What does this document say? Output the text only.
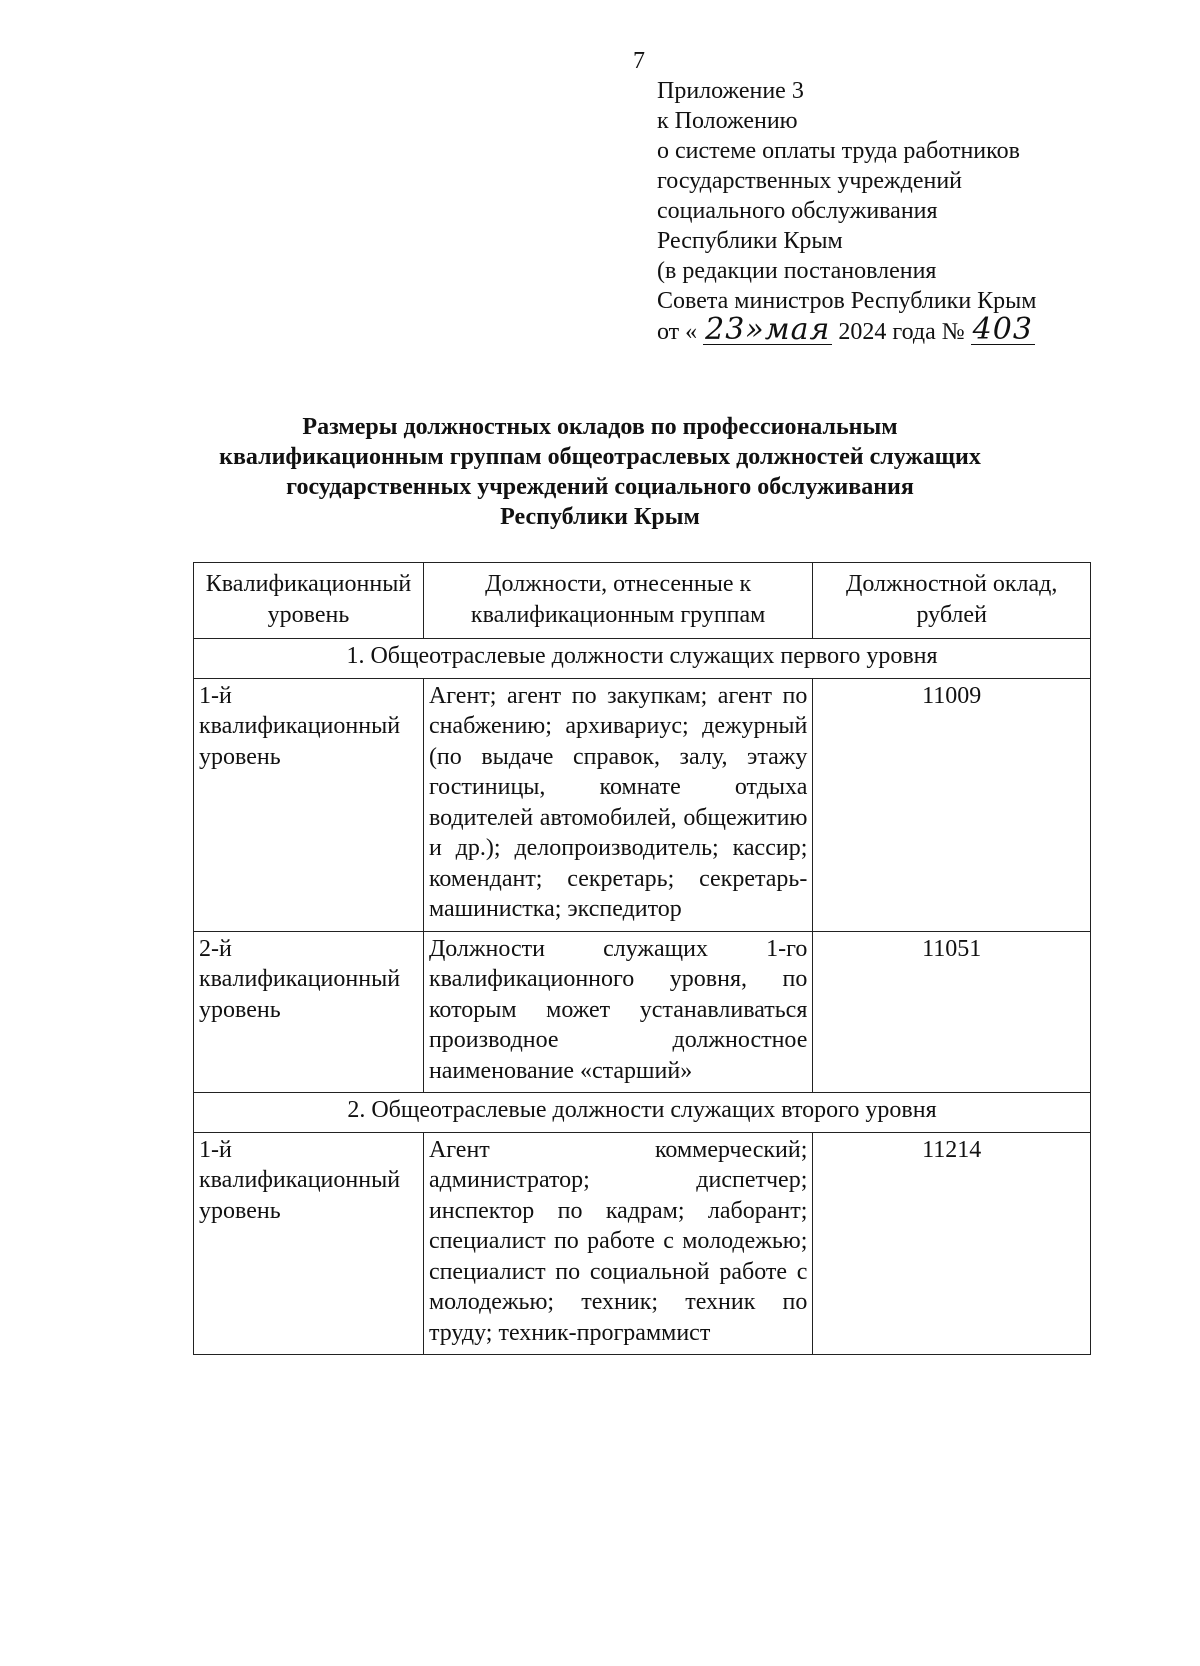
7
Приложение 3
к Положению
о системе оплаты труда работников
государственных учреждений
социального обслуживания
Республики Крым
(в редакции постановления
Совета министров Республики Крым
от « 23»мая 2024 года № 403
Размеры должностных окладов по профессиональным
квалификационным группам общеотраслевых должностей служащих
государственных учреждений социального обслуживания
Республики Крым
Квалификационный уровень	Должности, отнесенные к квалификационным группам	Должностной оклад, рублей
1. Общеотраслевые должности служащих первого уровня		
1-й квалификационный уровень	Агент; агент по закупкам; агент по снабжению; архивариус; дежурный (по выдаче справок, залу, этажу гостиницы, комнате отдыха водителей автомобилей, общежитию и др.); делопроизводитель; кассир; комендант; секретарь; секретарь-машинистка; экспедитор	11009
2-й квалификационный уровень	Должности служащих 1-го квалификационного уровня, по которым может устанавливаться производное должностное наименование «старший»	11051
2. Общеотраслевые должности служащих второго уровня		
1-й квалификационный уровень	Агент коммерческий; администратор; диспетчер; инспектор по кадрам; лаборант; специалист по работе с молодежью; специалист по социальной работе с молодежью; техник; техник по труду; техник-программист	11214
